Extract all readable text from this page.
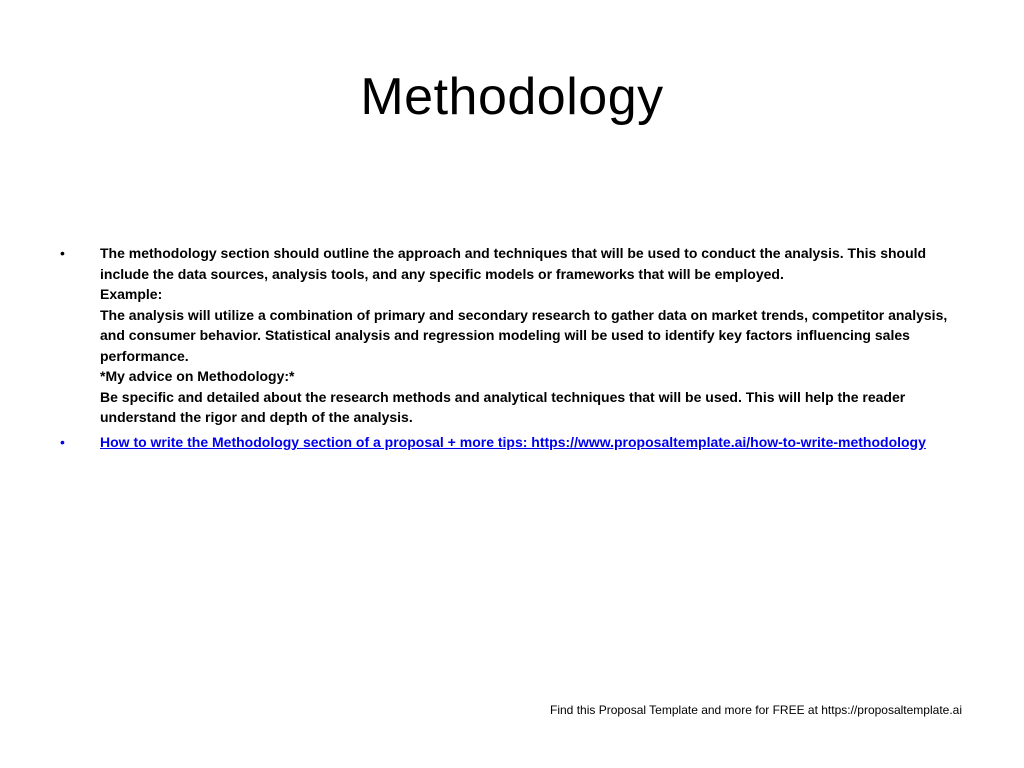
Methodology
•	The methodology section should outline the approach and techniques that will be used to conduct the analysis. This should include the data sources, analysis tools, and any specific models or frameworks that will be employed.
Example:
The analysis will utilize a combination of primary and secondary research to gather data on market trends, competitor analysis, and consumer behavior. Statistical analysis and regression modeling will be used to identify key factors influencing sales performance.
*My advice on Methodology:*
Be specific and detailed about the research methods and analytical techniques that will be used. This will help the reader understand the rigor and depth of the analysis.
•	How to write the Methodology section of a proposal + more tips: https://www.proposaltemplate.ai/how-to-write-methodology
Find this Proposal Template and more for FREE at https://proposaltemplate.ai
